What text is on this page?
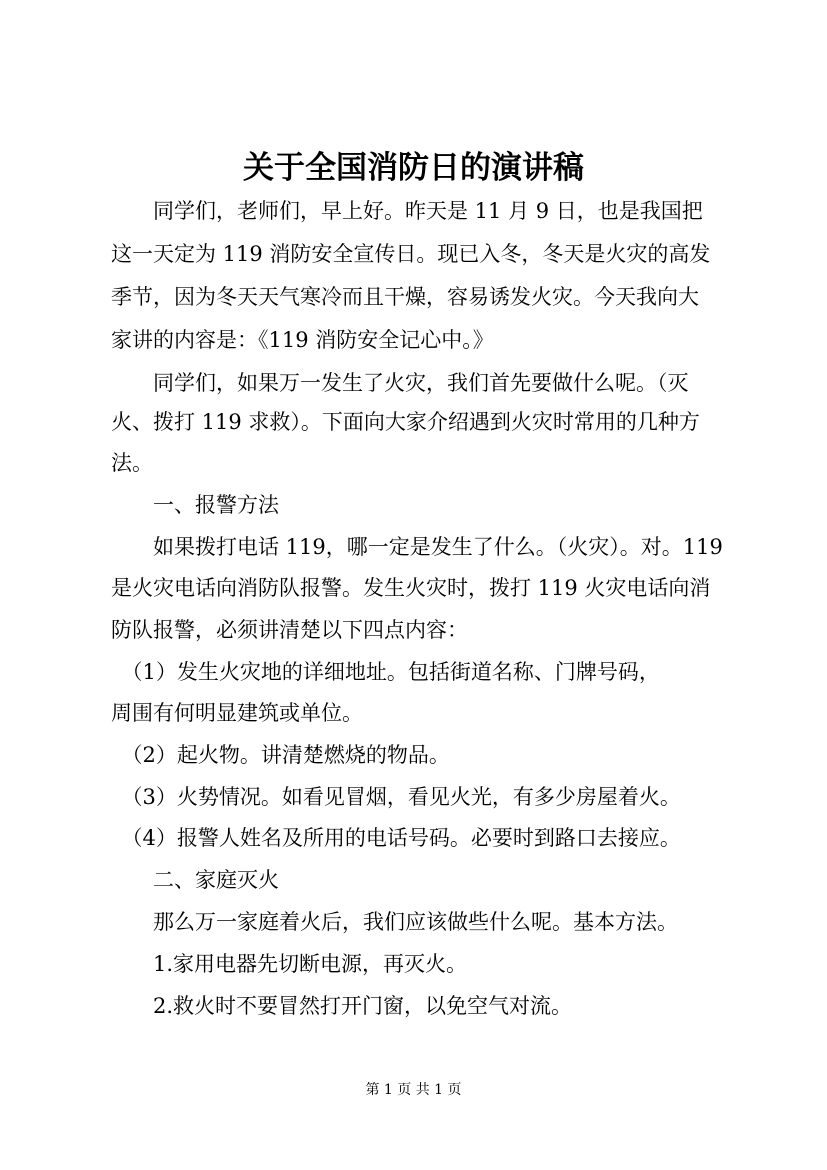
关于全国消防日的演讲稿
　　同学们，老师们，早上好。昨天是 11 月 9 日，也是我国把
这一天定为 119 消防安全宣传日。现已入冬，冬天是火灾的高发
季节，因为冬天天气寒冷而且干燥，容易诱发火灾。今天我向大
家讲的内容是：《119 消防安全记心中。》
　　同学们，如果万一发生了火灾，我们首先要做什么呢。（灭
火、拨打 119 求救）。下面向大家介绍遇到火灾时常用的几种方
法。
　　一、报警方法
　　如果拨打电话 119，哪一定是发生了什么。（火灾）。对。119
是火灾电话向消防队报警。发生火灾时，拨打 119 火灾电话向消
防队报警，必须讲清楚以下四点内容：
　（1）发生火灾地的详细地址。包括街道名称、门牌号码，
周围有何明显建筑或单位。
　（2）起火物。讲清楚燃烧的物品。
　（3）火势情况。如看见冒烟，看见火光，有多少房屋着火。
　（4）报警人姓名及所用的电话号码。必要时到路口去接应。
　　二、家庭灭火
　　那么万一家庭着火后，我们应该做些什么呢。基本方法。
　　1.家用电器先切断电源，再灭火。
　　2.救火时不要冒然打开门窗，以免空气对流。
第 1 页 共 1 页
